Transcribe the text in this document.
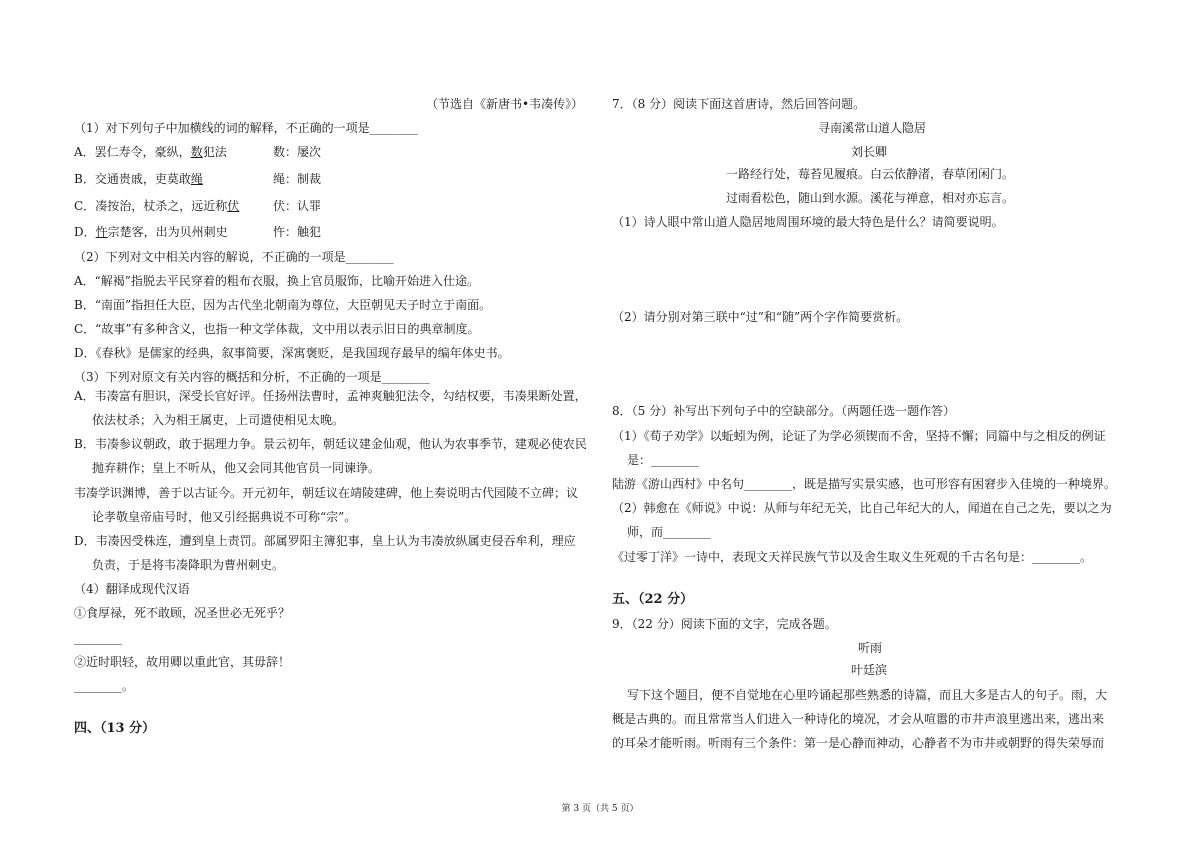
（节选自《新唐书•韦凑传》）
（1）对下列句子中加横线的词的解释，不正确的一项是________
A．罢仁寿令，豪纵，数犯法	数：屡次
B．交通贵戚，吏莫敢绳	绳：制裁
C．凑按治，杖杀之，远近称伏	伏：认罪
D．忤宗楚客，出为贝州刺史	忤：触犯
（2）下列对文中相关内容的解说，不正确的一项是________
A．“解褐”指脱去平民穿着的粗布衣服，换上官员服饰，比喻开始进入仕途。
B．“南面”指担任大臣，因为古代坐北朝南为尊位，大臣朝见天子时立于南面。
C．“故事”有多种含义，也指一种文学体裁，文中用以表示旧日的典章制度。
D．《春秋》是儒家的经典，叙事简要，深寓褒贬，是我国现存最早的编年体史书。
（3）下列对原文有关内容的概括和分析，不正确的一项是________
A．韦凑富有胆识，深受长官好评。任扬州法曹时，孟神爽触犯法令，勾结权要，韦凑果断处置，
依法杖杀；入为相王属吏，上司遣使相见太晚。
B．韦凑参议朝政，敢于据理力争。景云初年，朝廷议建金仙观，他认为农事季节，建观必使农民
抛弃耕作；皇上不听从，他又会同其他官员一同谏诤。
韦凑学识渊博，善于以古证今。开元初年，朝廷议在靖陵建碑，他上奏说明古代园陵不立碑；议
论孝敬皇帝庙号时，他又引经据典说不可称“宗”。
D．韦凑因受株连，遭到皇上责罚。部属罗阳主簿犯事，皇上认为韦凑放纵属吏侵吞牟利，理应
负责，于是将韦凑降职为曹州刺史。
（4）翻译成现代汉语
①食厚禄，死不敢顾，况圣世必无死乎？
________
②近时职轻，故用卿以重此官，其毋辞！
________。
四、（13 分）
7．（8 分）阅读下面这首唐诗，然后回答问题。
寻南溪常山道人隐居
刘长卿
一路经行处，莓苔见履痕。白云依静渚，春草闭闲门。
过雨看松色，随山到水源。溪花与禅意，相对亦忘言。
（1）诗人眼中常山道人隐居地周围环境的最大特色是什么？请简要说明。
（2）请分别对第三联中“过”和“随”两个字作简要赏析。
8．（5 分）补写出下列句子中的空缺部分。（两题任选一题作答）
（1）《荀子劝学》以蚯蚓为例，论证了为学必须锲而不舍，坚持不懈；同篇中与之相反的例证
是：________
陆游《游山西村》中名句________，既是描写实景实感，也可形容有困窘步入佳境的一种境界。
（2）韩愈在《师说》中说：从师与年纪无关，比自己年纪大的人，闻道在自己之先，要以之为
师，而________
《过零丁洋》一诗中，表现文天祥民族气节以及舍生取义生死观的千古名句是：________。
五、（22 分）
9．（22 分）阅读下面的文字，完成各题。
听雨
叶廷滨
写下这个题目，便不自觉地在心里吟诵起那些熟悉的诗篇，而且大多是古人的句子。雨，大
概是古典的。而且常常当人们进入一种诗化的境况，才会从喧嚣的市井声浪里逃出来，逃出来
的耳朵才能听雨。听雨有三个条件：第一是心静而神动，心静者不为市井或朝野的得失荣辱而
第 3 页（共 5 页）
